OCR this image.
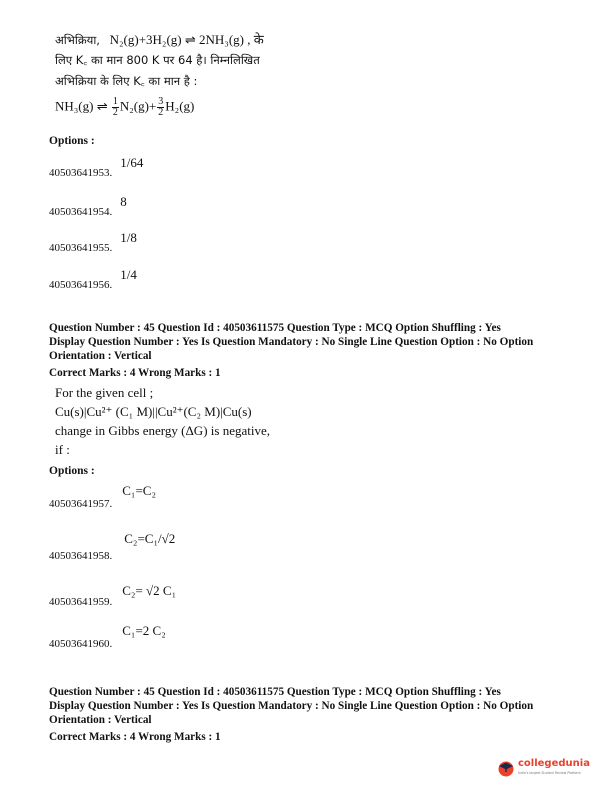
अभिक्रिया, N₂(g)+3H₂(g) ⇌ 2NH₃(g) , के
लिए K꜀ का मान 800 K पर 64 है। निम्नलिखित
अभिक्रिया के लिए K꜀ का मान है :
NH₃(g) ⇌ $\frac{1}{2} N_2(g)+ \frac{3}{2} H_2(g)$
Options :
$_{40503641953.}$ 1/64
$_{40503641954.}$ 8
$_{40503641955.}$ 1/8
$_{40503641956.}$ 1/4
Question Number : 45 Question Id : 40503611575 Question Type : MCQ Option Shuffling : Yes
Display Question Number : Yes Is Question Mandatory : No Single Line Question Option : No Option
Orientation : Vertical
Correct Marks : 4 Wrong Marks : 1
For the given cell ;
Cu(s)|Cu²⁺ (C₁ M)||Cu²⁺(C₂ M)|Cu(s)
change in Gibbs energy (ΔG) is negative,
if :
Options :
$_{40503641957.}$ C₁=C₂
$_{40503641958.}$ C₂=C₁/√2
$_{40503641959.}$ C₂= √2 C₁
$_{40503641960.}$ C₁=2 C₂
Question Number : 45 Question Id : 40503611575 Question Type : MCQ Option Shuffling : Yes
Display Question Number : Yes Is Question Mandatory : No Single Line Question Option : No Option
Orientation : Vertical
Correct Marks : 4 Wrong Marks : 1
collegedunia
India's largest Student Review Platform
